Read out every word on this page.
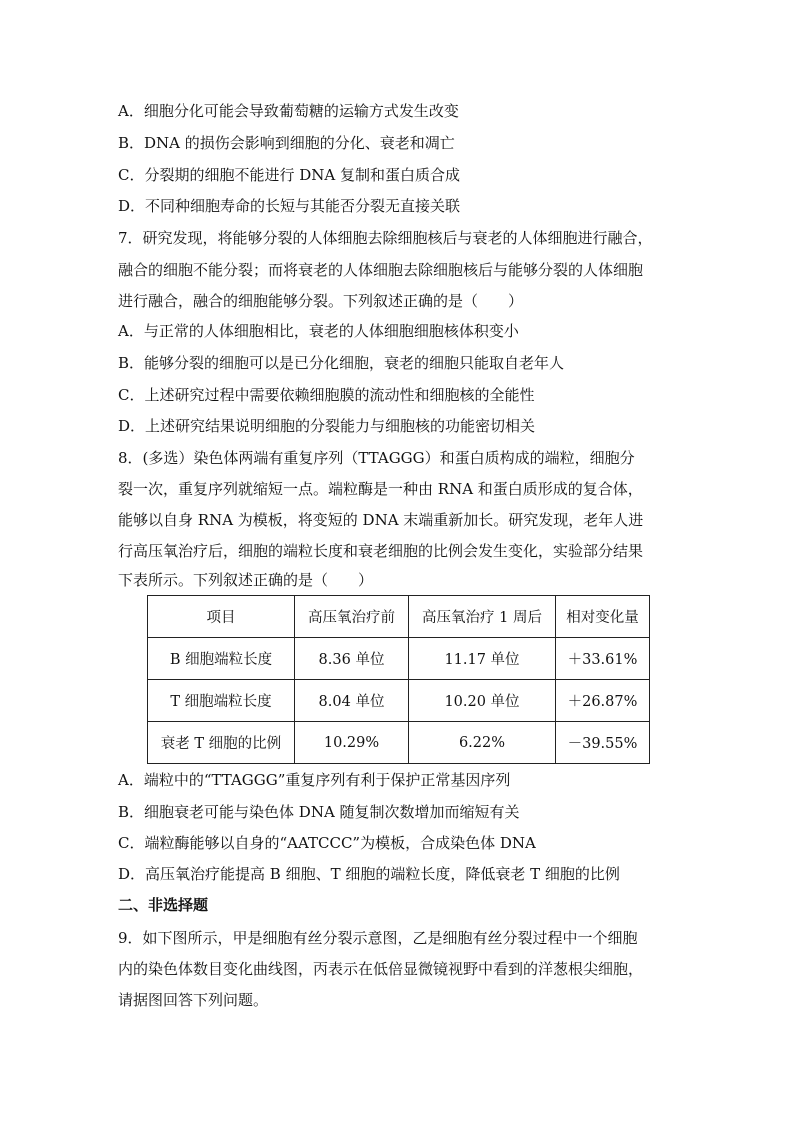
A．细胞分化可能会导致葡萄糖的运输方式发生改变
B．DNA 的损伤会影响到细胞的分化、衰老和凋亡
C．分裂期的细胞不能进行 DNA 复制和蛋白质合成
D．不同种细胞寿命的长短与其能否分裂无直接关联
7．研究发现，将能够分裂的人体细胞去除细胞核后与衰老的人体细胞进行融合，
融合的细胞不能分裂；而将衰老的人体细胞去除细胞核后与能够分裂的人体细胞
进行融合，融合的细胞能够分裂。下列叙述正确的是（　　）
A．与正常的人体细胞相比，衰老的人体细胞细胞核体积变小
B．能够分裂的细胞可以是已分化细胞，衰老的细胞只能取自老年人
C．上述研究过程中需要依赖细胞膜的流动性和细胞核的全能性
D．上述研究结果说明细胞的分裂能力与细胞核的功能密切相关
8．(多选）染色体两端有重复序列（TTAGGG）和蛋白质构成的端粒，细胞分
裂一次，重复序列就缩短一点。端粒酶是一种由 RNA 和蛋白质形成的复合体，
能够以自身 RNA 为模板，将变短的 DNA 末端重新加长。研究发现，老年人进
行高压氧治疗后，细胞的端粒长度和衰老细胞的比例会发生变化，实验部分结果
下表所示。下列叙述正确的是（　　）
项目	高压氧治疗前	高压氧治疗 1 周后	相对变化量
B 细胞端粒长度	8.36 单位	11.17 单位	＋33.61%
T 细胞端粒长度	8.04 单位	10.20 单位	＋26.87%
衰老 T 细胞的比例	10.29%	6.22%	－39.55%
A．端粒中的“TTAGGG”重复序列有利于保护正常基因序列
B．细胞衰老可能与染色体 DNA 随复制次数增加而缩短有关
C．端粒酶能够以自身的“AATCCC”为模板，合成染色体 DNA
D．高压氧治疗能提高 B 细胞、T 细胞的端粒长度，降低衰老 T 细胞的比例
二、非选择题
9．如下图所示，甲是细胞有丝分裂示意图，乙是细胞有丝分裂过程中一个细胞
内的染色体数目变化曲线图，丙表示在低倍显微镜视野中看到的洋葱根尖细胞，
请据图回答下列问题。
